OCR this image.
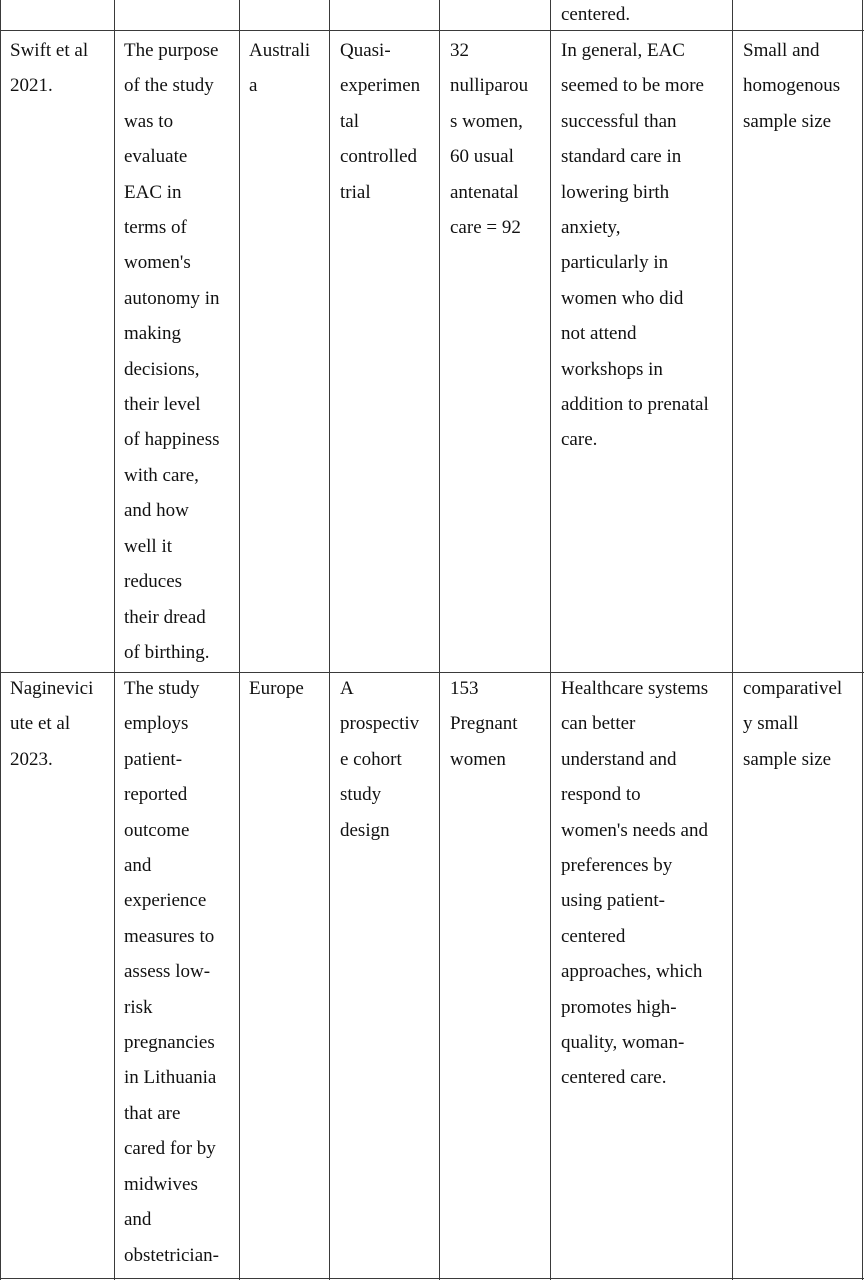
centered.
Swift et al
2021.
The purpose
of the study
was to
evaluate
EAC in
terms of
women's
autonomy in
making
decisions,
their level
of happiness
with care,
and how
well it
reduces
their dread
of birthing.
Australi
a
Quasi-
experimen
tal
controlled
trial
32
nulliparou
s women,
60 usual
antenatal
care = 92
In general, EAC
seemed to be more
successful than
standard care in
lowering birth
anxiety,
particularly in
women who did
not attend
workshops in
addition to prenatal
care.
Small and
homogenous
sample size
Naginevici
ute et al
2023.
The study
employs
patient-
reported
outcome
and
experience
measures to
assess low-
risk
pregnancies
in Lithuania
that are
cared for by
midwives
and
obstetrician-
Europe	A
prospectiv
e cohort
study
design
153
Pregnant
women
Healthcare systems
can better
understand and
respond to
women's needs and
preferences by
using patient-
centered
approaches, which
promotes high-
quality, woman-
centered care.
comparativel
y small
sample size
